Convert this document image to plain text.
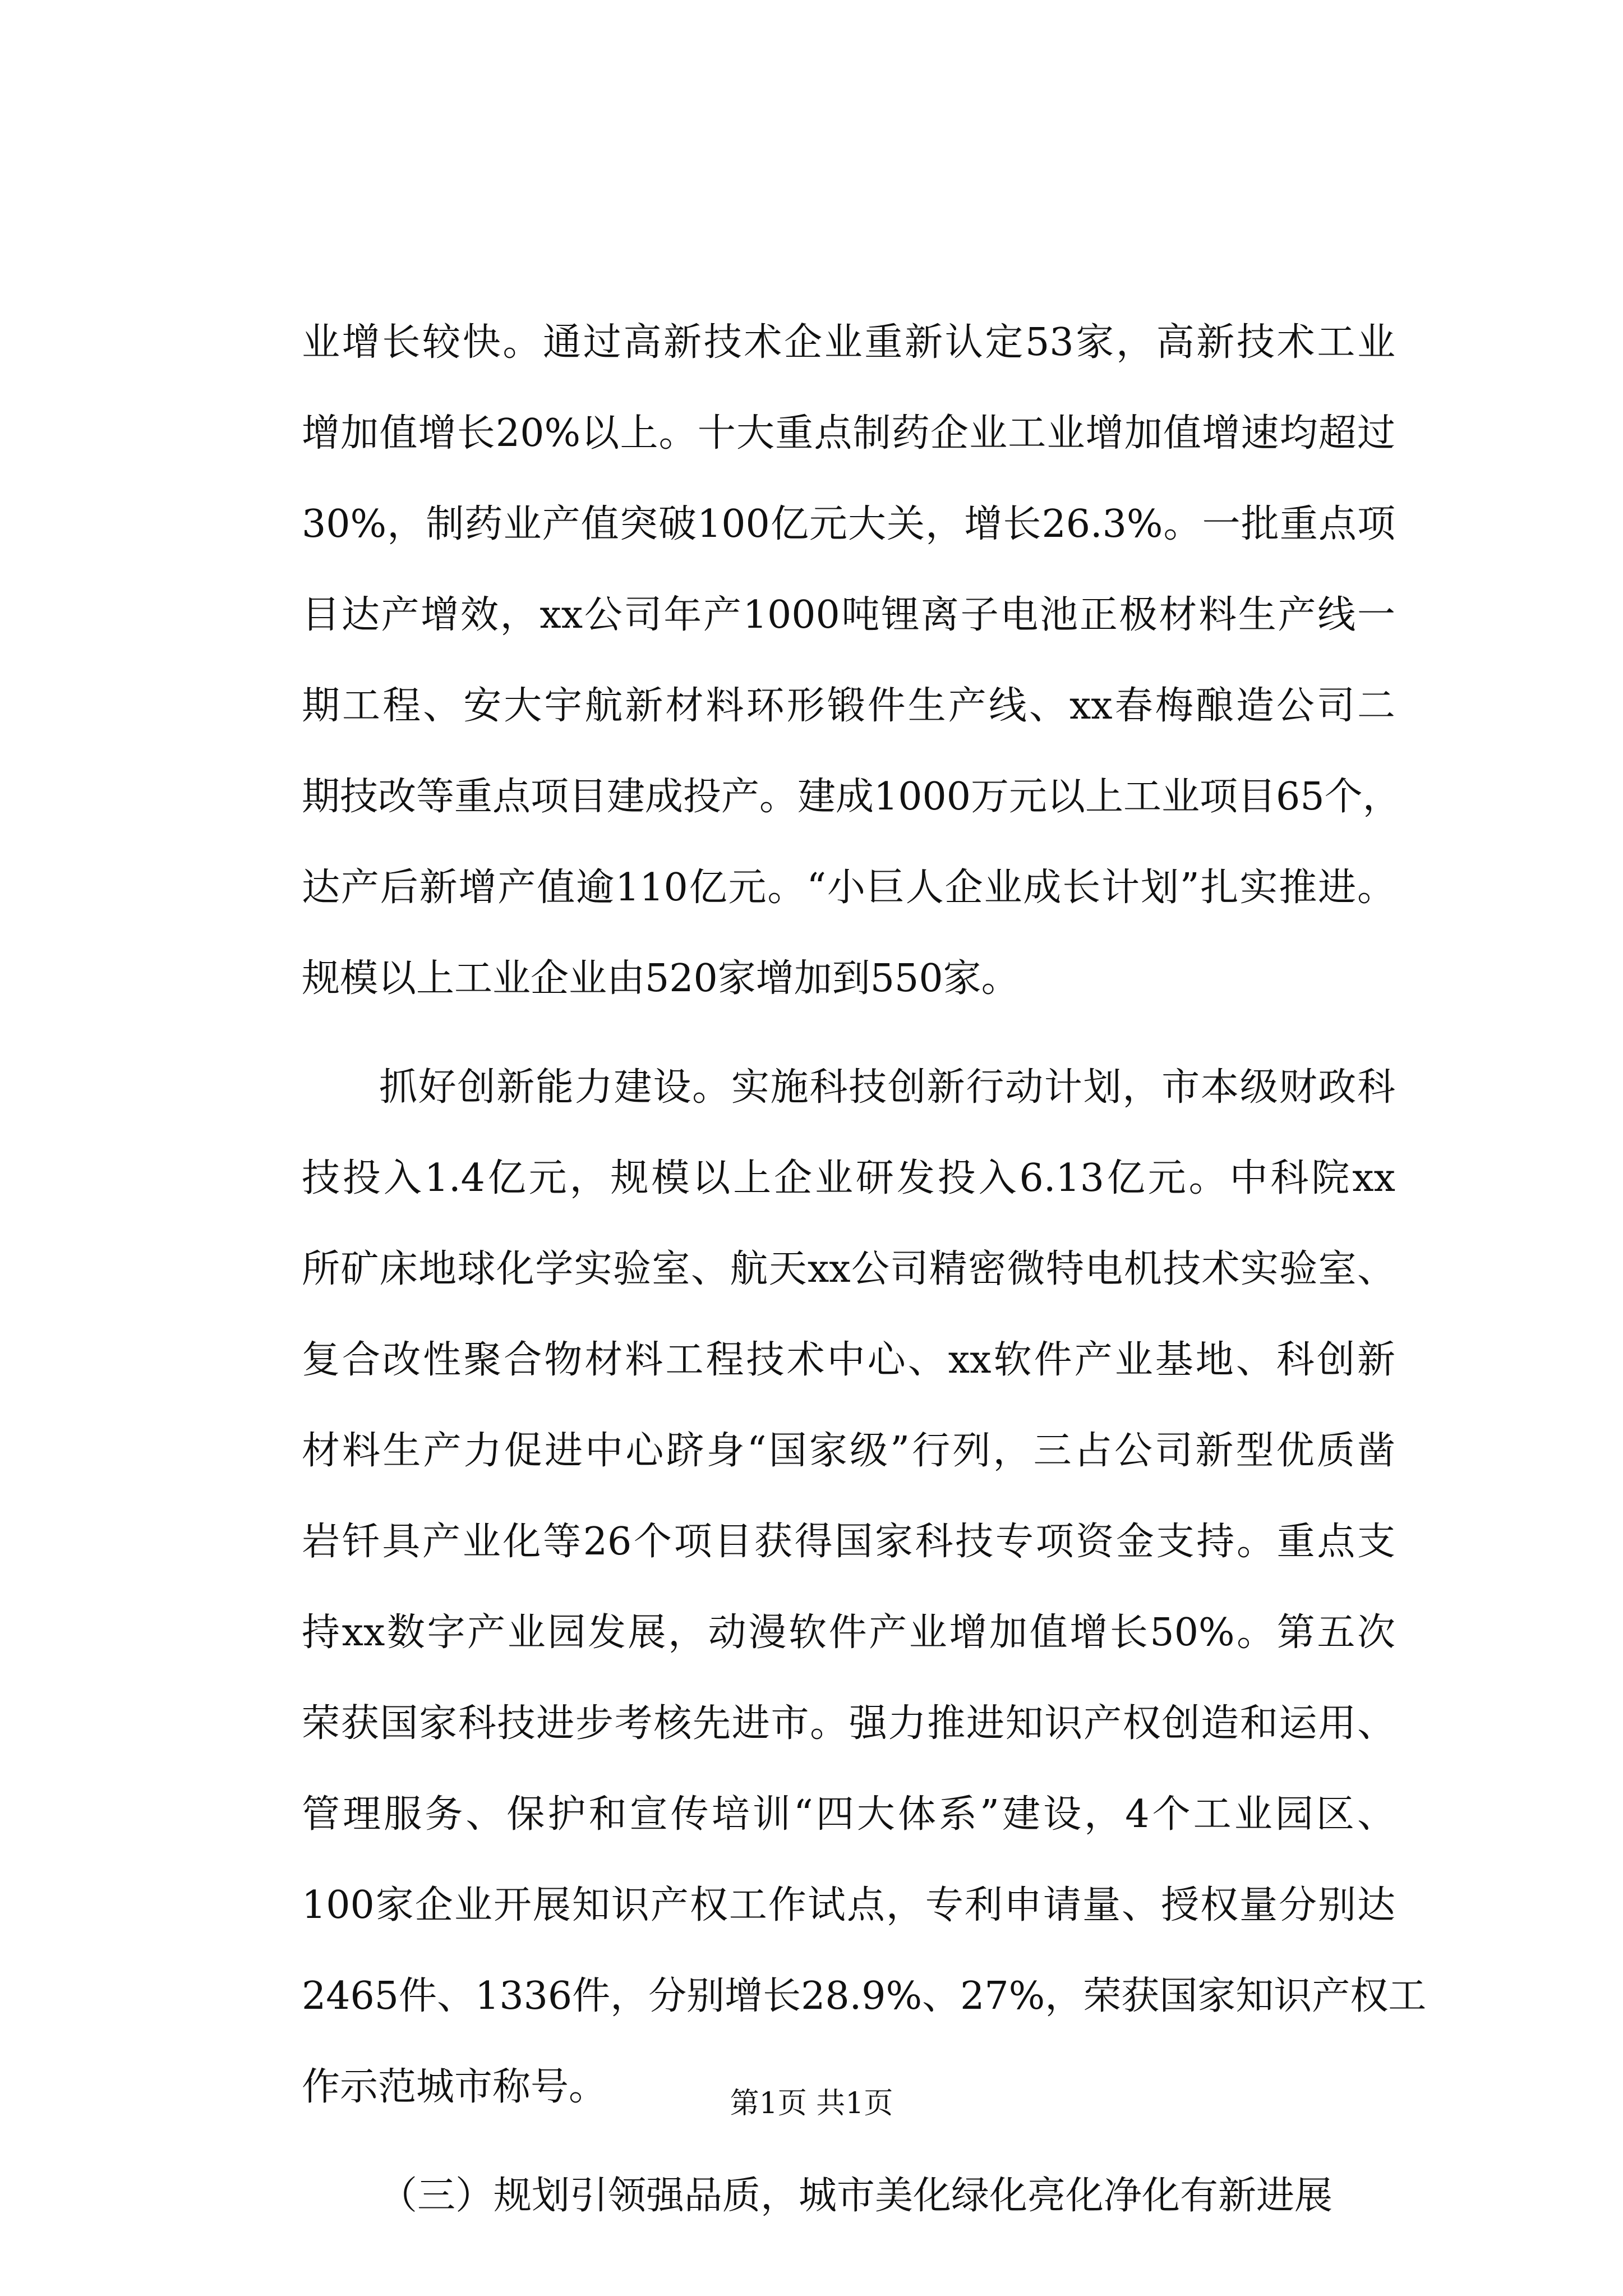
业增长较快。通过高新技术企业重新认定53家，高新技术工业
增加值增长20%以上。十大重点制药企业工业增加值增速均超过
30%，制药业产值突破100亿元大关，增长26.3%。一批重点项
目达产增效，xx公司年产1000吨锂离子电池正极材料生产线一
期工程、安大宇航新材料环形锻件生产线、xx春梅酿造公司二
期技改等重点项目建成投产。建成1000万元以上工业项目65个，
达产后新增产值逾110亿元。“小巨人企业成长计划”扎实推进。
规模以上工业企业由520家增加到550家。
抓好创新能力建设。实施科技创新行动计划，市本级财政科
技投入1.4亿元，规模以上企业研发投入6.13亿元。中科院xx
所矿床地球化学实验室、航天xx公司精密微特电机技术实验室、
复合改性聚合物材料工程技术中心、xx软件产业基地、科创新
材料生产力促进中心跻身“国家级”行列，三占公司新型优质凿
岩钎具产业化等26个项目获得国家科技专项资金支持。重点支
持xx数字产业园发展，动漫软件产业增加值增长50%。第五次
荣获国家科技进步考核先进市。强力推进知识产权创造和运用、
管理服务、保护和宣传培训“四大体系”建设，4个工业园区、
100家企业开展知识产权工作试点，专利申请量、授权量分别达
2465件、1336件，分别增长28.9%、27%，荣获国家知识产权工
作示范城市称号。
（三）规划引领强品质，城市美化绿化亮化净化有新进展
第1页 共1页
